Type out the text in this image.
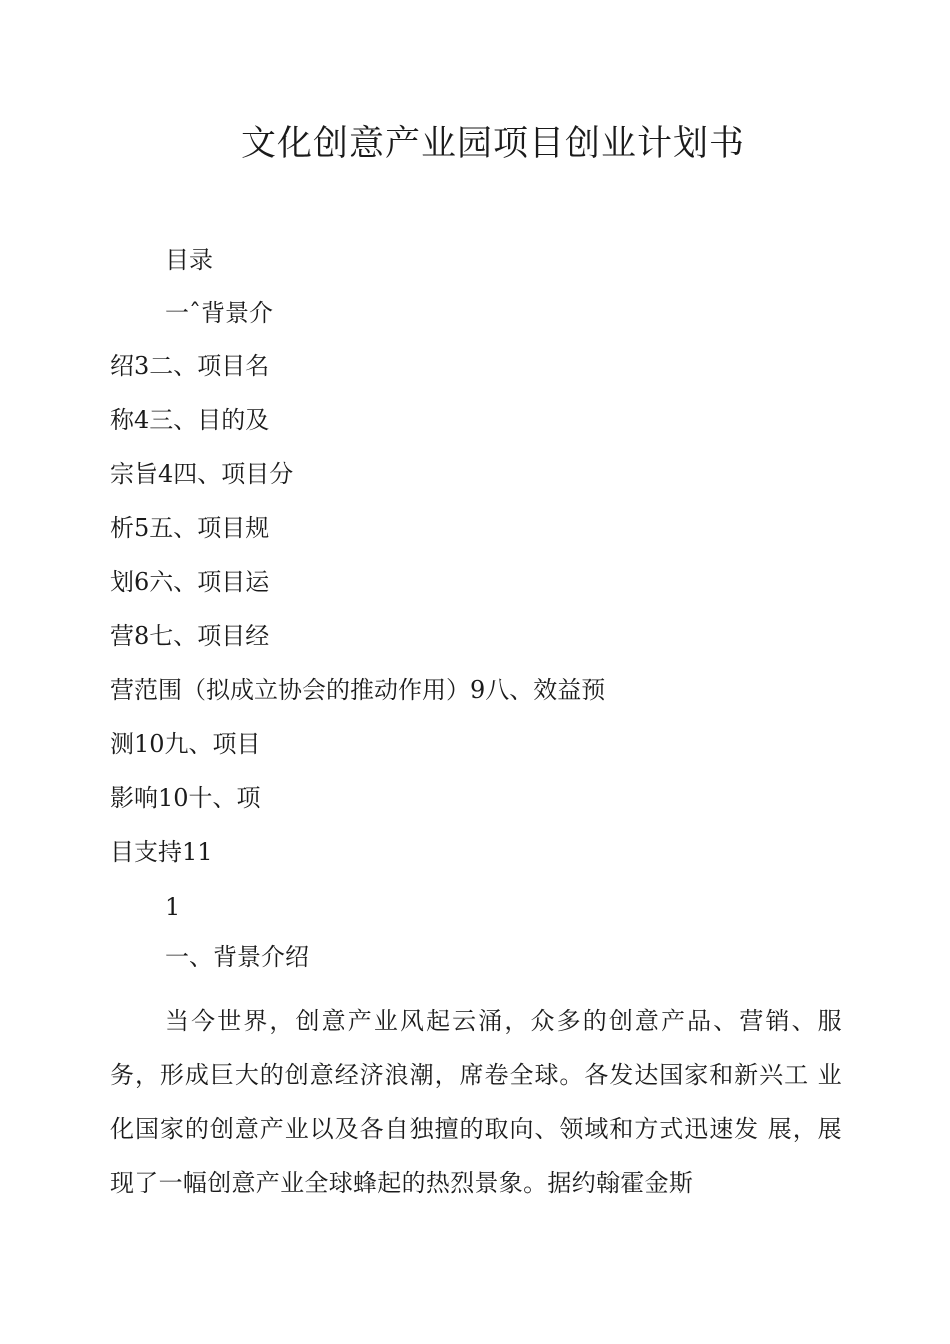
文化创意产业园项目创业计划书
目录
一ˆ背景介
绍3二、项目名
称4三、目的及
宗旨4四、项目分
析5五、项目规
划6六、项目运
营8七、项目经
营范围（拟成立协会的推动作用）9八、效益预
测10九、项目
影响10十、项
目支持11
1
一、背景介绍
当今世界，创意产业风起云涌，众多的创意产品、营销、服务，形成巨大的创意经济浪潮，席卷全球。各发达国家和新兴工 业化国家的创意产业以及各自独擅的取向、领域和方式迅速发 展，展现了一幅创意产业全球蜂起的热烈景象。据约翰霍金斯
